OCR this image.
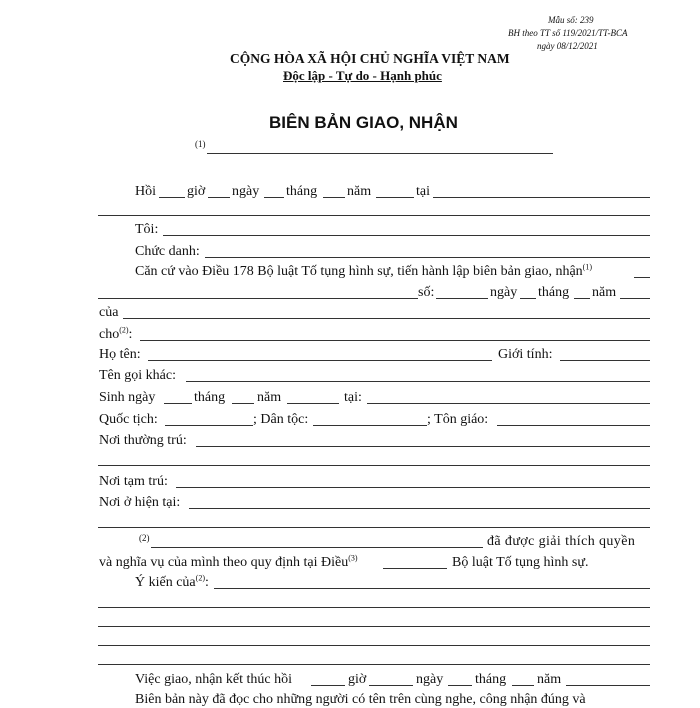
Mẫu số: 239
BH theo TT số 119/2021/TT-BCA
ngày 08/12/2021
CỘNG HÒA XÃ HỘI CHỦ NGHĨA VIỆT NAM
Độc lập - Tự do - Hạnh phúc
BIÊN BẢN GIAO, NHẬN
(1)
Hồi giờ ngày tháng năm	tại
Tôi:
Chức danh:
Căn cứ vào Điều 178 Bộ luật Tố tụng hình sự, tiến hành lập biên bản giao, nhận$^{(1)}$
số:	ngày tháng năm
của
cho$^{(2)}$:
Họ tên:	Giới tính:
Tên gọi khác:
Sinh ngày	tháng năm	tại:
Quốc tịch:	; Dân tộc:	; Tôn giáo:
Nơi thường trú:
Nơi tạm trú:
Nơi ở hiện tại:
(2)	đã được giải thích quyền
và nghĩa vụ của mình theo quy định tại Điều$^{(3)}$	Bộ luật Tố tụng hình sự.
Ý kiến của$^{(2)}$:
Việc giao, nhận kết thúc hồi	giờ	ngày tháng năm
Biên bản này đã đọc cho những người có tên trên cùng nghe, công nhận đúng và
